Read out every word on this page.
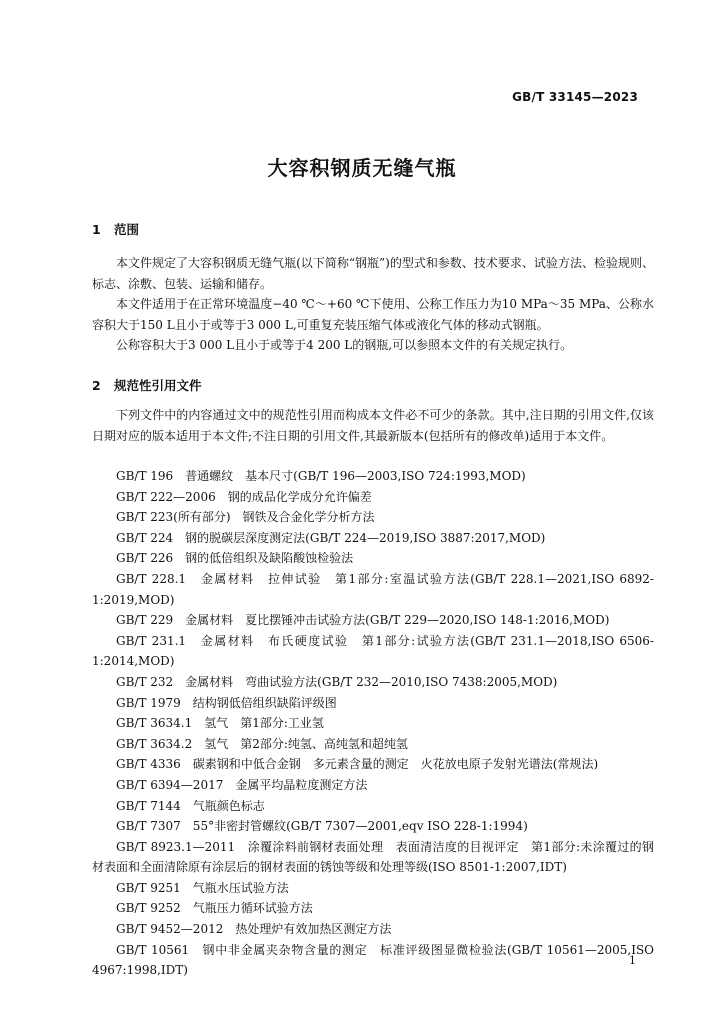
GB/T 33145—2023
大容积钢质无缝气瓶
1 范围

本文件规定了大容积钢质无缝气瓶(以下简称“钢瓶”)的型式和参数、技术要求、试验方法、检验规则、标志、涂敷、包装、运输和储存。

本文件适用于在正常环境温度−40 ℃～+60 ℃下使用、公称工作压力为10 MPa～35 MPa、公称水容积大于150 L且小于或等于3 000 L,可重复充装压缩气体或液化气体的移动式钢瓶。

公称容积大于3 000 L且小于或等于4 200 L的钢瓶,可以参照本文件的有关规定执行。

2 规范性引用文件

下列文件中的内容通过文中的规范性引用而构成本文件必不可少的条款。其中,注日期的引用文件,仅该日期对应的版本适用于本文件;不注日期的引用文件,其最新版本(包括所有的修改单)适用于本文件。

GB/T 196　普通螺纹　基本尺寸(GB/T 196—2003,ISO 724:1993,MOD)

GB/T 222—2006　钢的成品化学成分允许偏差

GB/T 223(所有部分)　钢铁及合金化学分析方法

GB/T 224　钢的脱碳层深度测定法(GB/T 224—2019,ISO 3887:2017,MOD)

GB/T 226　钢的低倍组织及缺陷酸蚀检验法

GB/T 228.1　金属材料　拉伸试验　第1部分:室温试验方法(GB/T 228.1—2021,ISO 6892-1:2019,MOD)

GB/T 229　金属材料　夏比摆锤冲击试验方法(GB/T 229—2020,ISO 148-1:2016,MOD)

GB/T 231.1　金属材料　布氏硬度试验　第1部分:试验方法(GB/T 231.1—2018,ISO 6506-1:2014,MOD)

GB/T 232　金属材料　弯曲试验方法(GB/T 232—2010,ISO 7438:2005,MOD)

GB/T 1979　结构钢低倍组织缺陷评级图

GB/T 3634.1　氢气　第1部分:工业氢

GB/T 3634.2　氢气　第2部分:纯氢、高纯氢和超纯氢

GB/T 4336　碳素钢和中低合金钢　多元素含量的测定　火花放电原子发射光谱法(常规法)

GB/T 6394—2017　金属平均晶粒度测定方法

GB/T 7144　气瓶颜色标志

GB/T 7307　55°非密封管螺纹(GB/T 7307—2001,eqv ISO 228-1:1994)

GB/T 8923.1—2011　涂覆涂料前钢材表面处理　表面清洁度的目视评定　第1部分:未涂覆过的钢材表面和全面清除原有涂层后的钢材表面的锈蚀等级和处理等级(ISO 8501-1:2007,IDT)

GB/T 9251　气瓶水压试验方法

GB/T 9252　气瓶压力循环试验方法

GB/T 9452—2012　热处理炉有效加热区测定方法

GB/T 10561　钢中非金属夹杂物含量的测定　标准评级图显微检验法(GB/T 10561—2005,ISO 4967:1998,IDT)

1
